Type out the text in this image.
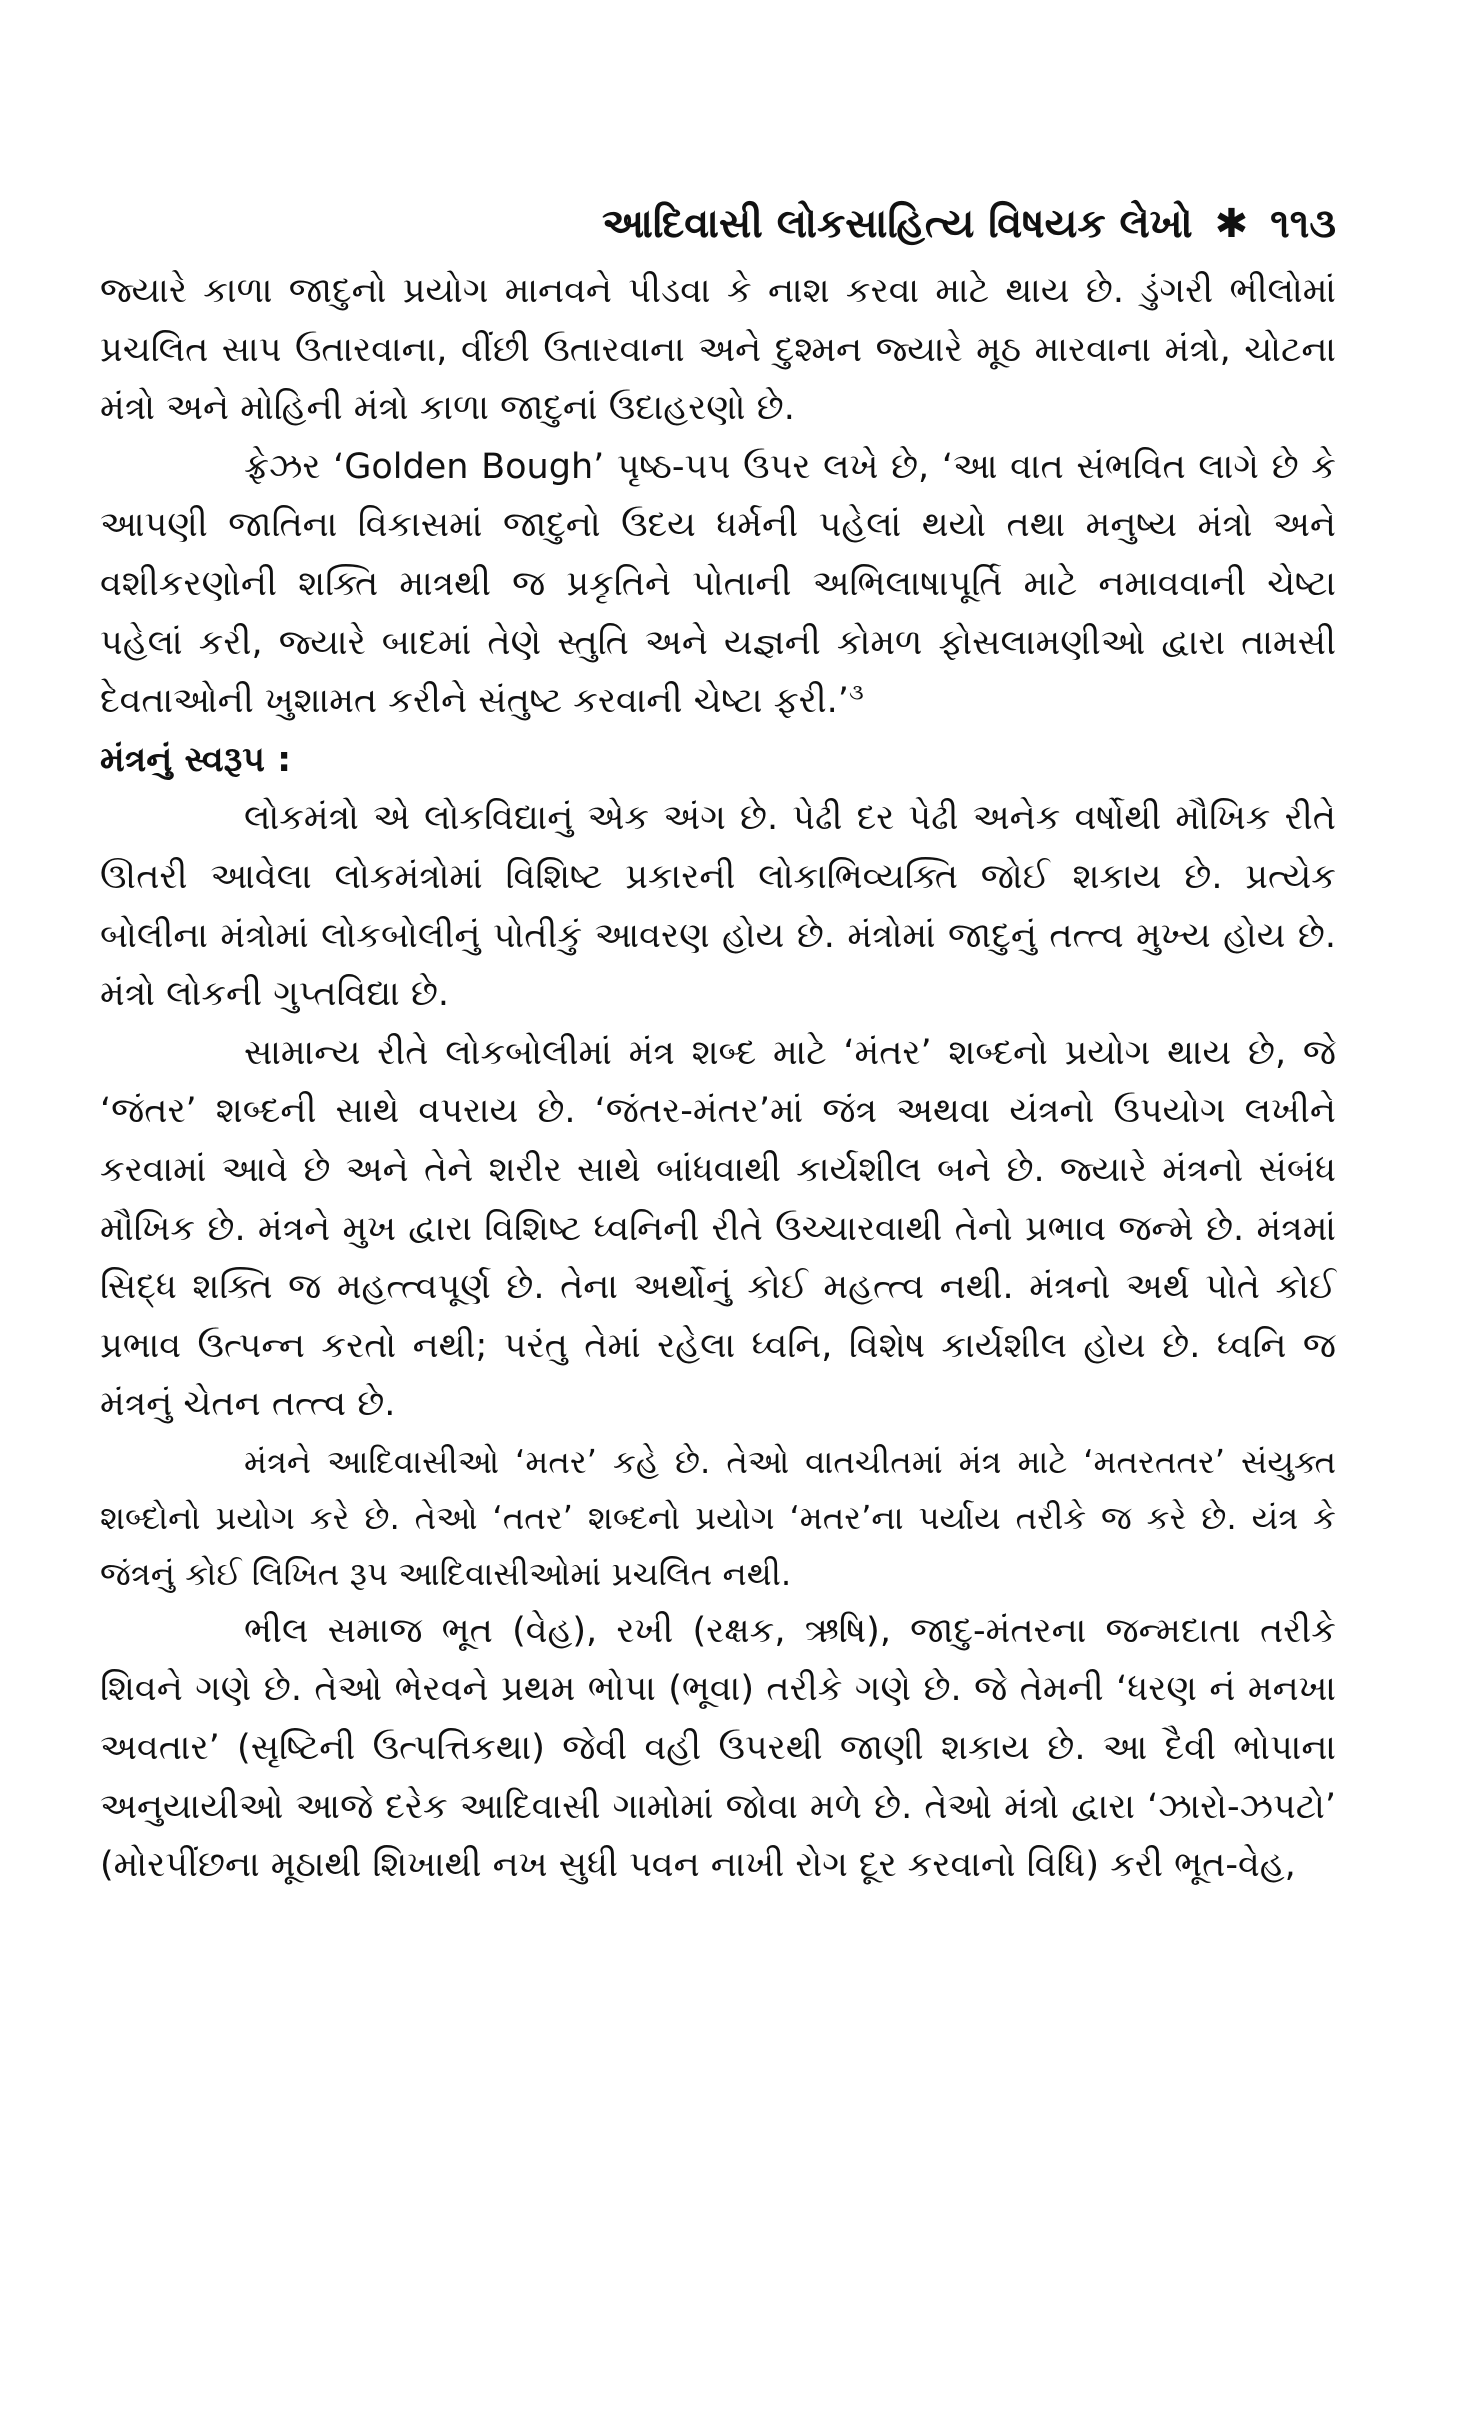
આદિવાસી લોકસાહિત્ય વિષયક લેખો ✱ ૧૧૩

જ્યારે કાળા જાદુનો પ્રયોગ માનવને પીડવા કે નાશ કરવા માટે થાય છે. ડુંગરી ભીલોમાં પ્રચલિત સાપ ઉતારવાના, વીંછી ઉતારવાના અને દુશ્મન જ્યારે મૂઠ મારવાના મંત્રો, ચોટના મંત્રો અને મોહિની મંત્રો કાળા જાદુનાં ઉદાહરણો છે.

ફ્રેઝર ‘Golden Bough’ પૃષ્ઠ-૫૫ ઉપર લખે છે, ‘આ વાત સંભવિત લાગે છે કે આપણી જાતિના વિકાસમાં જાદુનો ઉદય ધર્મની પહેલાં થયો તથા મનુષ્ય મંત્રો અને વશીકરણોની શક્તિ માત્રથી જ પ્રકૃતિને પોતાની અભિલાષાપૂર્તિ માટે નમાવવાની ચેષ્ટા પહેલાં કરી, જ્યારે બાદમાં તેણે સ્તુતિ અને યજ્ઞની કોમળ ફોસલામણીઓ દ્વારા તામસી દેવતાઓની ખુશામત કરીને સંતુષ્ટ કરવાની ચેષ્ટા ફરી.’$^૩$

મંત્રનું સ્વરૂપ :

લોકમંત્રો એ લોકવિદ્યાનું એક અંગ છે. પેઢી દર પેઢી અનેક વર્ષોથી મૌખિક રીતે ઊતરી આવેલા લોકમંત્રોમાં વિશિષ્ટ પ્રકારની લોકાભિવ્યક્તિ જોઈ શકાય છે. પ્રત્યેક બોલીના મંત્રોમાં લોકબોલીનું પોતીકું આવરણ હોય છે. મંત્રોમાં જાદુનું તત્ત્વ મુખ્ય હોય છે. મંત્રો લોકની ગુપ્તવિદ્યા છે.

સામાન્ય રીતે લોકબોલીમાં મંત્ર શબ્દ માટે ‘મંતર’ શબ્દનો પ્રયોગ થાય છે, જે ‘જંતર’ શબ્દની સાથે વપરાય છે. ‘જંતર-મંતર’માં જંત્ર અથવા યંત્રનો ઉપયોગ લખીને કરવામાં આવે છે અને તેને શરીર સાથે બાંધવાથી કાર્યશીલ બને છે. જ્યારે મંત્રનો સંબંધ મૌખિક છે. મંત્રને મુખ દ્વારા વિશિષ્ટ ધ્વનિની રીતે ઉચ્ચારવાથી તેનો પ્રભાવ જન્મે છે. મંત્રમાં સિદ્ધ શક્તિ જ મહત્ત્વપૂર્ણ છે. તેના અર્થોનું કોઈ મહત્ત્વ નથી. મંત્રનો અર્થ પોતે કોઈ પ્રભાવ ઉત્પન્ન કરતો નથી; પરંતુ તેમાં રહેલા ધ્વનિ, વિશેષ કાર્યશીલ હોય છે. ધ્વનિ જ મંત્રનું ચેતન તત્ત્વ છે.

મંત્રને આદિવાસીઓ ‘મતર’ કહે છે. તેઓ વાતચીતમાં મંત્ર માટે ‘મતરતતર’ સંયુક્ત શબ્દોનો પ્રયોગ કરે છે. તેઓ ‘તતર’ શબ્દનો પ્રયોગ ‘મતર’ના પર્યાય તરીકે જ કરે છે. યંત્ર કે જંત્રનું કોઈ લિખિત રૂપ આદિવાસીઓમાં પ્રચલિત નથી.

ભીલ સમાજ ભૂત (વેહ), રખી (રક્ષક, ઋષિ), જાદુ-મંતરના જન્મદાતા તરીકે શિવને ગણે છે. તેઓ ભેરવને પ્રથમ ભોપા (ભૂવા) તરીકે ગણે છે. જે તેમની ‘ધરણ નં મનખા અવતાર’ (સૃષ્ટિની ઉત્પત્તિકથા) જેવી વહી ઉપરથી જાણી શકાય છે. આ દૈવી ભોપાના અનુયાયીઓ આજે દરેક આદિવાસી ગામોમાં જોવા મળે છે. તેઓ મંત્રો દ્વારા ‘ઝારો-ઝપટો’ (મોરપીંછના મૂઠાથી શિખાથી નખ સુધી પવન નાખી રોગ દૂર કરવાનો વિધિ) કરી ભૂત-વેહ,
